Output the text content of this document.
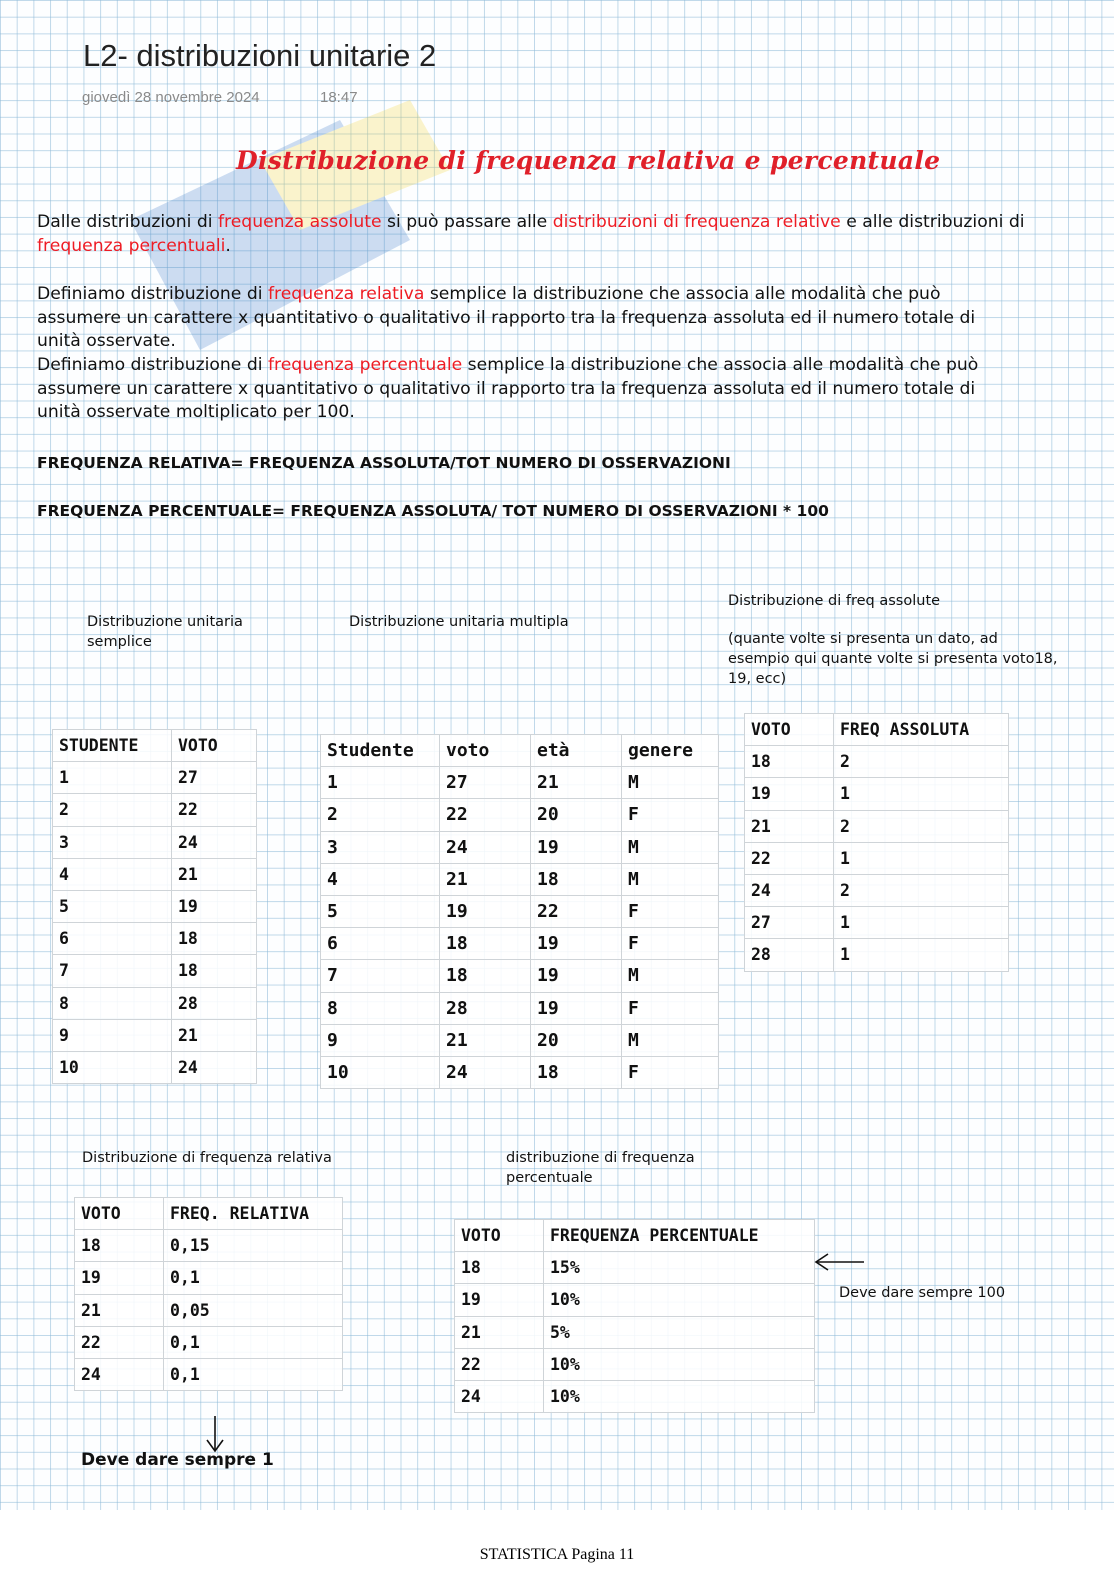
L2- distribuzioni unitarie 2
giovedì 28 novembre 2024	18:47
Distribuzione di frequenza relativa e percentuale
Dalle distribuzioni di frequenza assolute si può passare alle distribuzioni di frequenza relative e alle distribuzioni di frequenza percentuali.
Definiamo distribuzione di frequenza relativa semplice la distribuzione che associa alle modalità che può assumere un carattere x quantitativo o qualitativo il rapporto tra la frequenza assoluta ed il numero totale di unità osservate.
Definiamo distribuzione di frequenza percentuale semplice la distribuzione che associa alle modalità che può assumere un carattere x quantitativo o qualitativo il rapporto tra la frequenza assoluta ed il numero totale di unità osservate moltiplicato per 100.
FREQUENZA RELATIVA= FREQUENZA ASSOLUTA/TOT NUMERO DI OSSERVAZIONI
FREQUENZA PERCENTUALE= FREQUENZA ASSOLUTA/ TOT NUMERO DI OSSERVAZIONI * 100
Distribuzione unitaria semplice
Distribuzione unitaria multipla
Distribuzione di freq assolute
(quante volte si presenta un dato, ad esempio qui quante volte si presenta voto18, 19, ecc)
Distribuzione di frequenza relativa	distribuzione di frequenza percentuale
STUDENTE	VOTO
1	27
2	22
3	24
4	21
5	19
6	18
7	18
8	28
9	21
10	24
Studente	voto	età	genere
1	27	21	M
2	22	20	F
3	24	19	M
4	21	18	M
5	19	22	F
6	18	19	F
7	18	19	M
8	28	19	F
9	21	20	M
10	24	18	F
VOTO	FREQ ASSOLUTA
18	2
19	1
21	2
22	1
24	2
27	1
28	1
VOTO	FREQ. RELATIVA
18	0,15
19	0,1
21	0,05
22	0,1
24	0,1
VOTO	FREQUENZA PERCENTUALE
18	15%
19	10%
21	5%
22	10%
24	10%
Deve dare sempre 100
Deve dare sempre 1
STATISTICA Pagina 11
